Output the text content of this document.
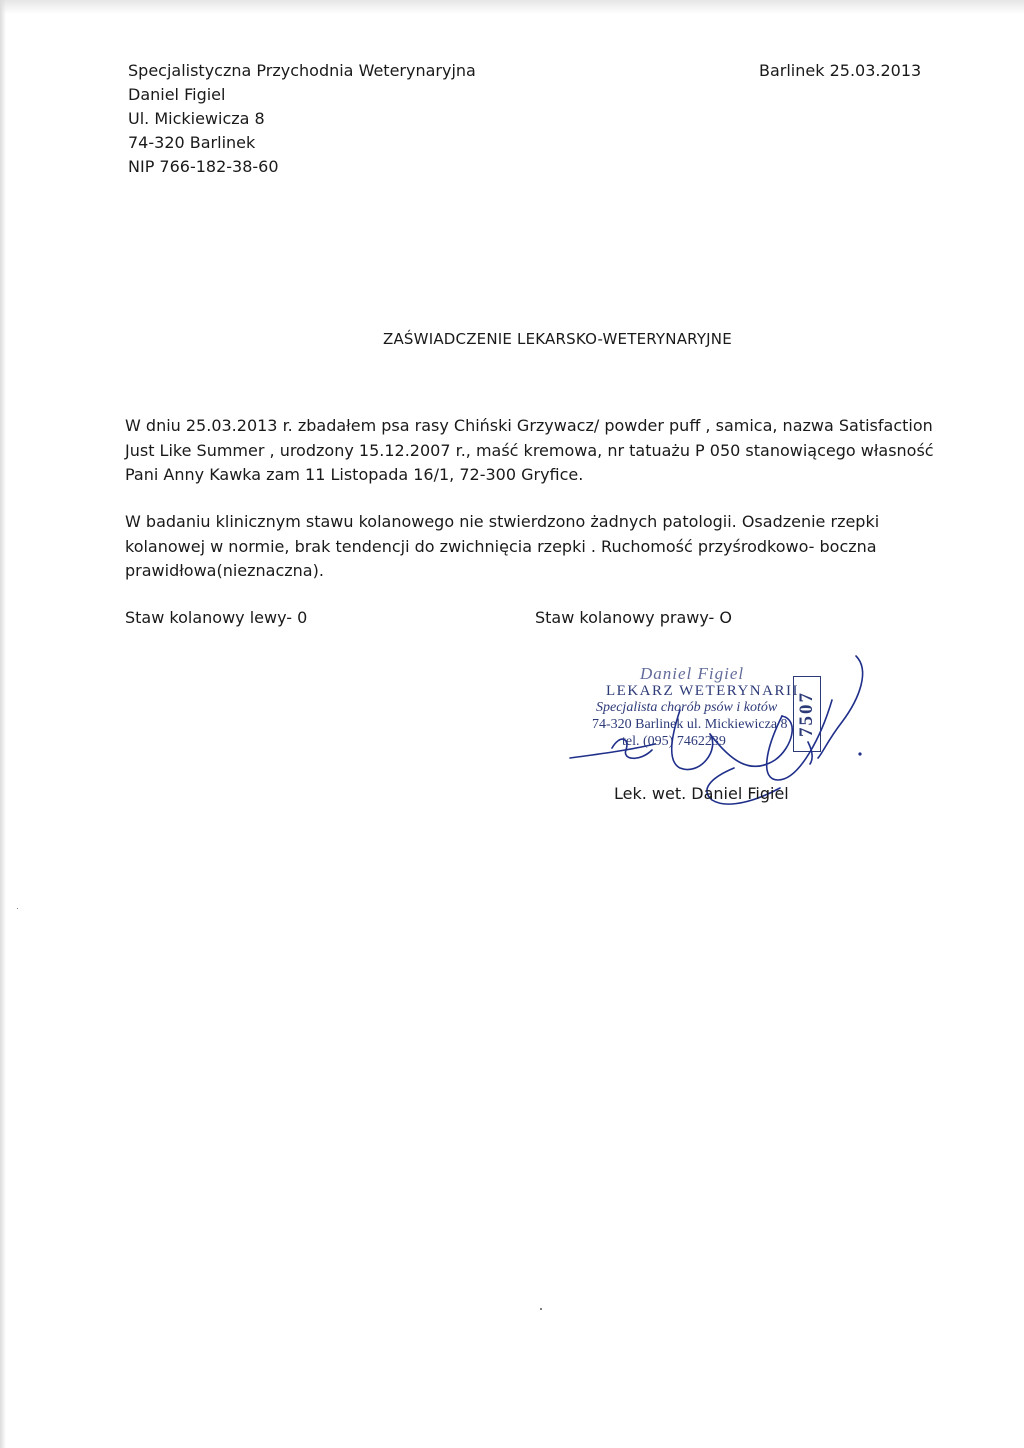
Specjalistyczna Przychodnia Weterynaryjna
Daniel Figiel
Ul. Mickiewicza 8
74-320 Barlinek
NIP 766-182-38-60
Barlinek 25.03.2013
ZAŚWIADCZENIE LEKARSKO-WETERYNARYJNE
W dniu 25.03.2013 r. zbadałem psa rasy Chiński Grzywacz/ powder puff , samica, nazwa Satisfaction
Just Like Summer , urodzony 15.12.2007 r., maść kremowa, nr tatuażu P 050 stanowiącego własność
Pani Anny Kawka zam 11 Listopada 16/1, 72-300 Gryfice.
W badaniu klinicznym stawu kolanowego nie stwierdzono żadnych patologii. Osadzenie rzepki
kolanowej w normie, brak tendencji do zwichnięcia rzepki . Ruchomość przyśrodkowo- boczna
prawidłowa(nieznaczna).
Staw kolanowy lewy- 0	Staw kolanowy prawy- O
Daniel Figiel
LEKARZ WETERYNARII
Specjalista chorób psów i kotów
74-320 Barlinek ul. Mickiewicza 8
tel. (095) 7462239
7507
Lek. wet. Daniel Figiel
